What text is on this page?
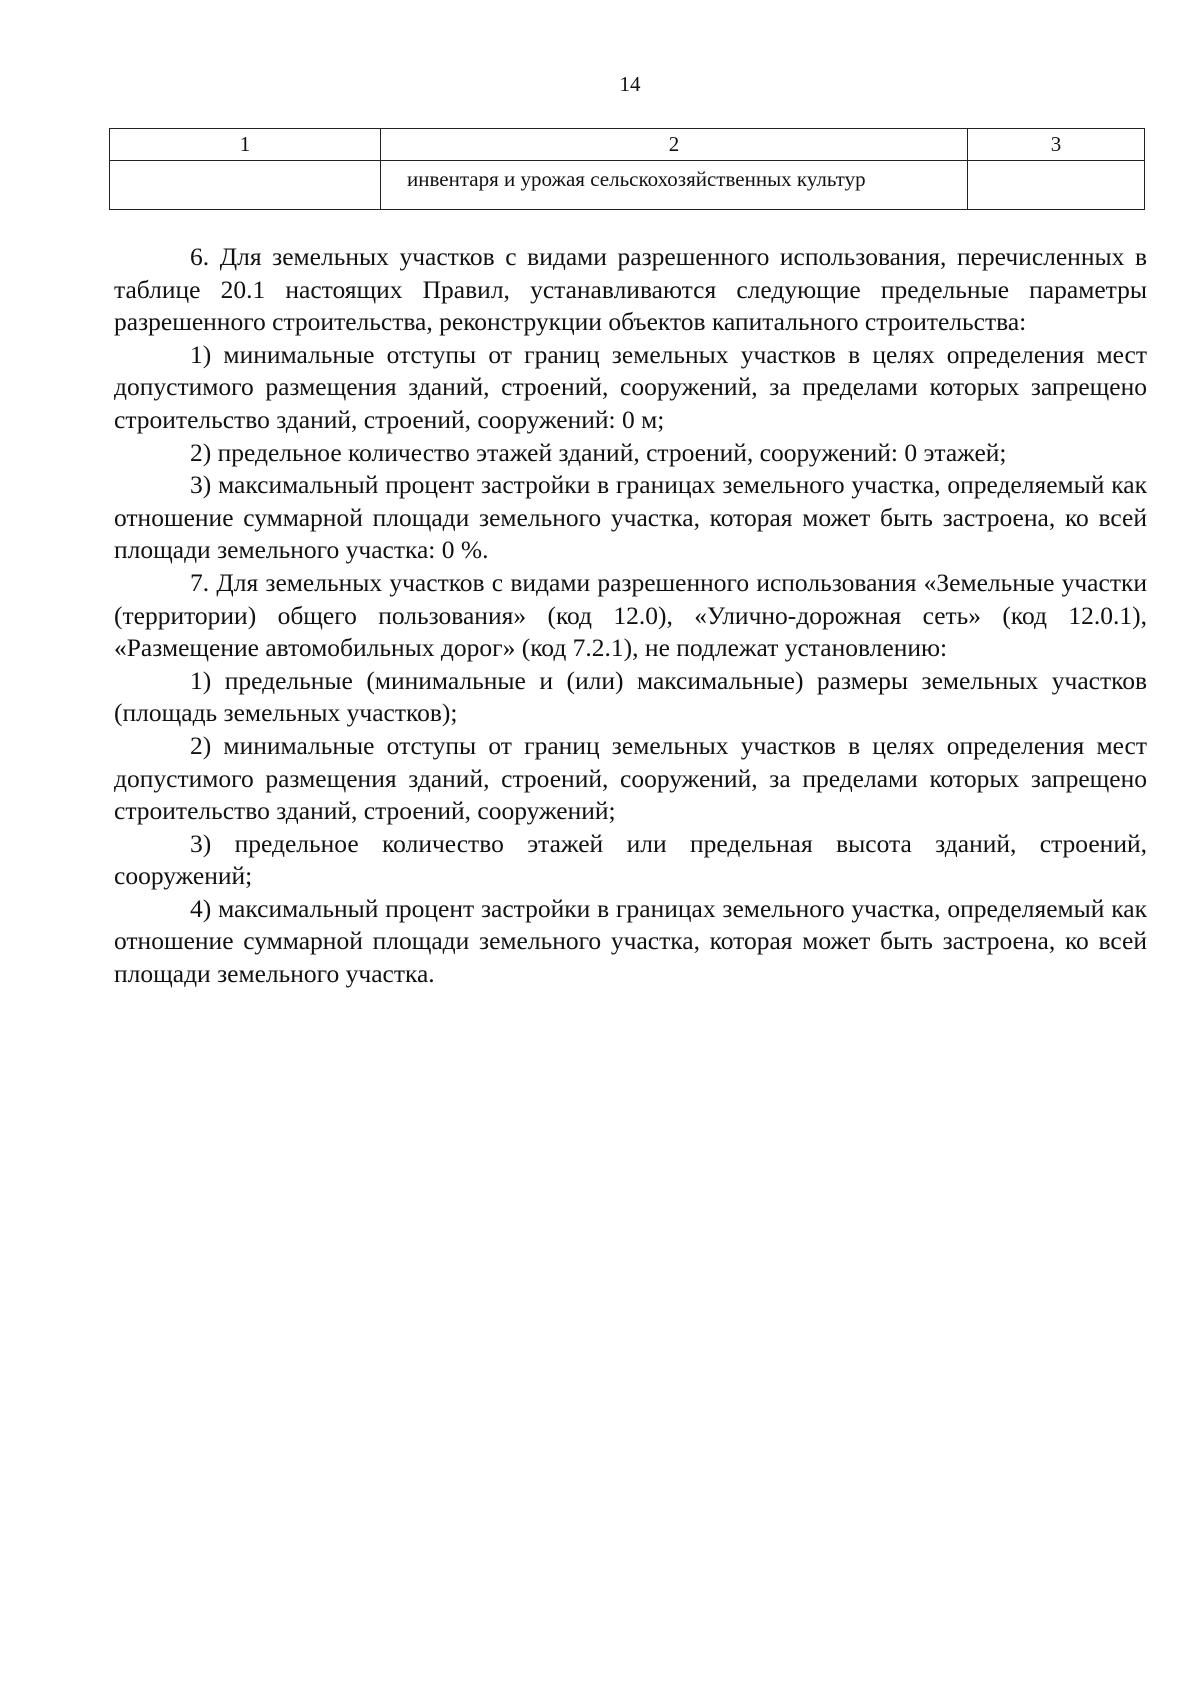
14
1	2	3
	инвентаря и урожая сельскохозяйственных культур	

6. Для земельных участков с видами разрешенного использования, перечисленных в таблице 20.1 настоящих Правил, устанавливаются следующие предельные параметры разрешенного строительства, реконструкции объектов капитального строительства:

1) минимальные отступы от границ земельных участков в целях определения мест допустимого размещения зданий, строений, сооружений, за пределами которых запрещено строительство зданий, строений, сооружений: 0 м;

2) предельное количество этажей зданий, строений, сооружений: 0 этажей;

3) максимальный процент застройки в границах земельного участка, определяемый как отношение суммарной площади земельного участка, которая может быть застроена, ко всей площади земельного участка: 0 %.

7. Для земельных участков с видами разрешенного использования «Земельные участки (территории) общего пользования» (код 12.0), «Улично-дорожная сеть» (код 12.0.1), «Размещение автомобильных дорог» (код 7.2.1), не подлежат установлению:

1) предельные (минимальные и (или) максимальные) размеры земельных участков (площадь земельных участков);

2) минимальные отступы от границ земельных участков в целях определения мест допустимого размещения зданий, строений, сооружений, за пределами которых запрещено строительство зданий, строений, сооружений;

3) предельное количество этажей или предельная высота зданий, строений, сооружений;

4) максимальный процент застройки в границах земельного участка, определяемый как отношение суммарной площади земельного участка, которая может быть застроена, ко всей площади земельного участка.
